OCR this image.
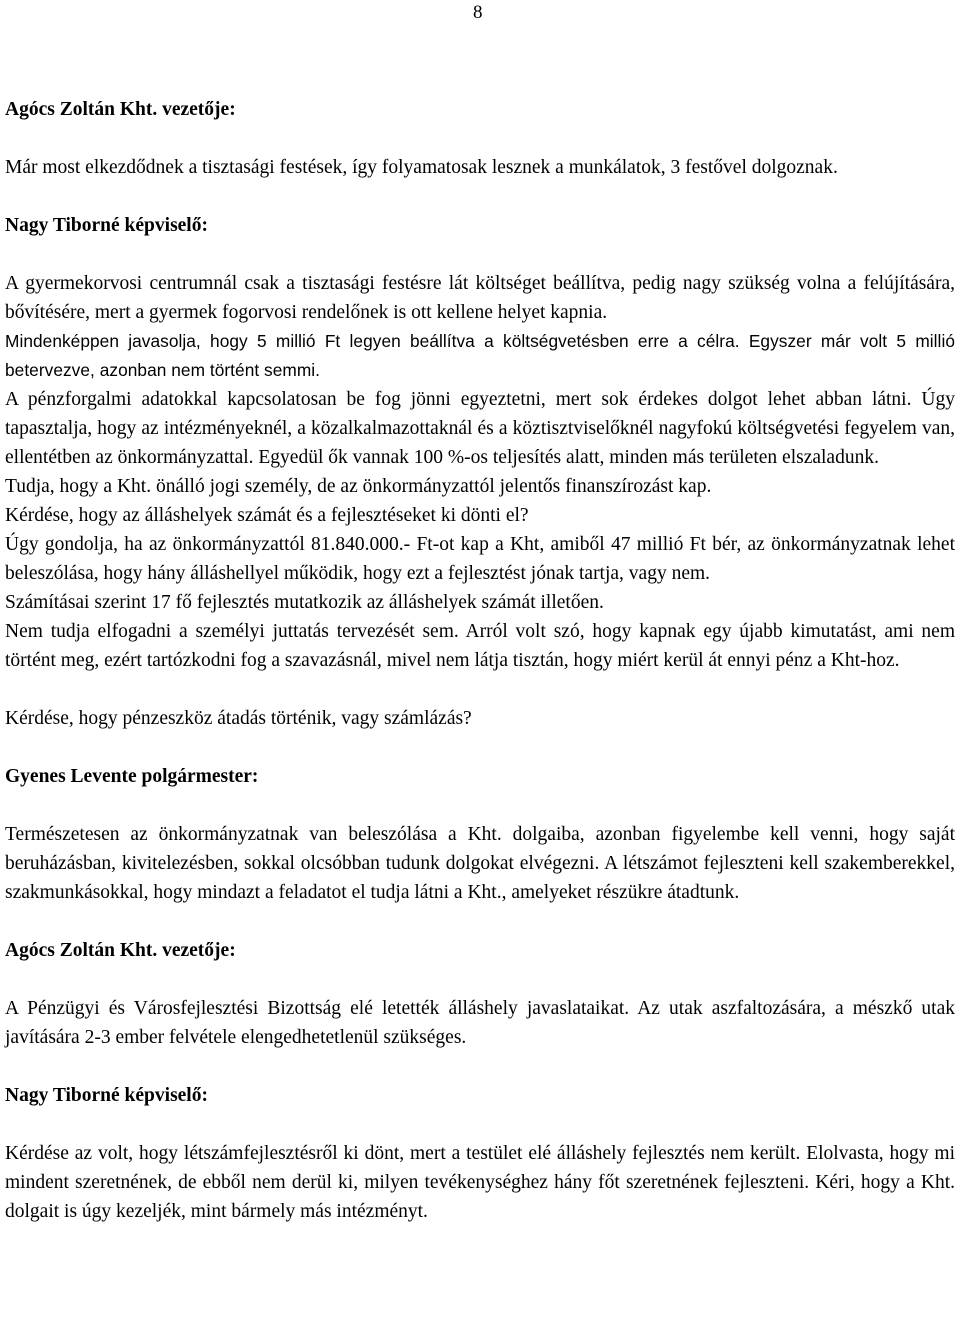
8

Agócs Zoltán Kht. vezetője:

Már most elkezdődnek a tisztasági festések, így folyamatosak lesznek a munkálatok, 3 festővel dolgoznak.

Nagy Tiborné képviselő:

A gyermekorvosi centrumnál csak a tisztasági festésre lát költséget beállítva, pedig nagy szükség volna a felújítására, bővítésére, mert a gyermek fogorvosi rendelőnek is ott kellene helyet kapnia.

Mindenképpen javasolja, hogy 5 millió Ft legyen beállítva a költségvetésben erre a célra. Egyszer már volt 5 millió betervezve, azonban nem történt semmi.

A pénzforgalmi adatokkal kapcsolatosan be fog jönni egyeztetni, mert sok érdekes dolgot lehet abban látni. Úgy tapasztalja, hogy az intézményeknél, a közalkalmazottaknál és a köztisztviselőknél nagyfokú költségvetési fegyelem van, ellentétben az önkormányzattal. Egyedül ők vannak 100 %-os teljesítés alatt, minden más területen elszaladunk.

Tudja, hogy a Kht. önálló jogi személy, de az önkormányzattól jelentős finanszírozást kap.

Kérdése, hogy az álláshelyek számát és a fejlesztéseket ki dönti el?

Úgy gondolja, ha az önkormányzattól 81.840.000.- Ft-ot kap a Kht, amiből 47 millió Ft bér, az önkormányzatnak lehet beleszólása, hogy hány álláshellyel működik, hogy ezt a fejlesztést jónak tartja, vagy nem.

Számításai szerint 17 fő fejlesztés mutatkozik az álláshelyek számát illetően.

Nem tudja elfogadni a személyi juttatás tervezését sem. Arról volt szó, hogy kapnak egy újabb kimutatást, ami nem történt meg, ezért tartózkodni fog a szavazásnál, mivel nem látja tisztán, hogy miért kerül át ennyi pénz a Kht-hoz.

Kérdése, hogy pénzeszköz átadás történik, vagy számlázás?

Gyenes Levente polgármester:

Természetesen az önkormányzatnak van beleszólása a Kht. dolgaiba, azonban figyelembe kell venni, hogy saját beruházásban, kivitelezésben, sokkal olcsóbban tudunk dolgokat elvégezni. A létszámot fejleszteni kell szakemberekkel, szakmunkásokkal, hogy mindazt a feladatot el tudja látni a Kht., amelyeket részükre átadtunk.

Agócs Zoltán Kht. vezetője:

A Pénzügyi és Városfejlesztési Bizottság elé letették álláshely javaslataikat. Az utak aszfaltozására, a mészkő utak javítására 2-3 ember felvétele elengedhetetlenül szükséges.

Nagy Tiborné képviselő:

Kérdése az volt, hogy létszámfejlesztésről ki dönt, mert a testület elé álláshely fejlesztés nem került. Elolvasta, hogy mi mindent szeretnének, de ebből nem derül ki, milyen tevékenységhez hány főt szeretnének fejleszteni. Kéri, hogy a Kht. dolgait is úgy kezeljék, mint bármely más intézményt.
